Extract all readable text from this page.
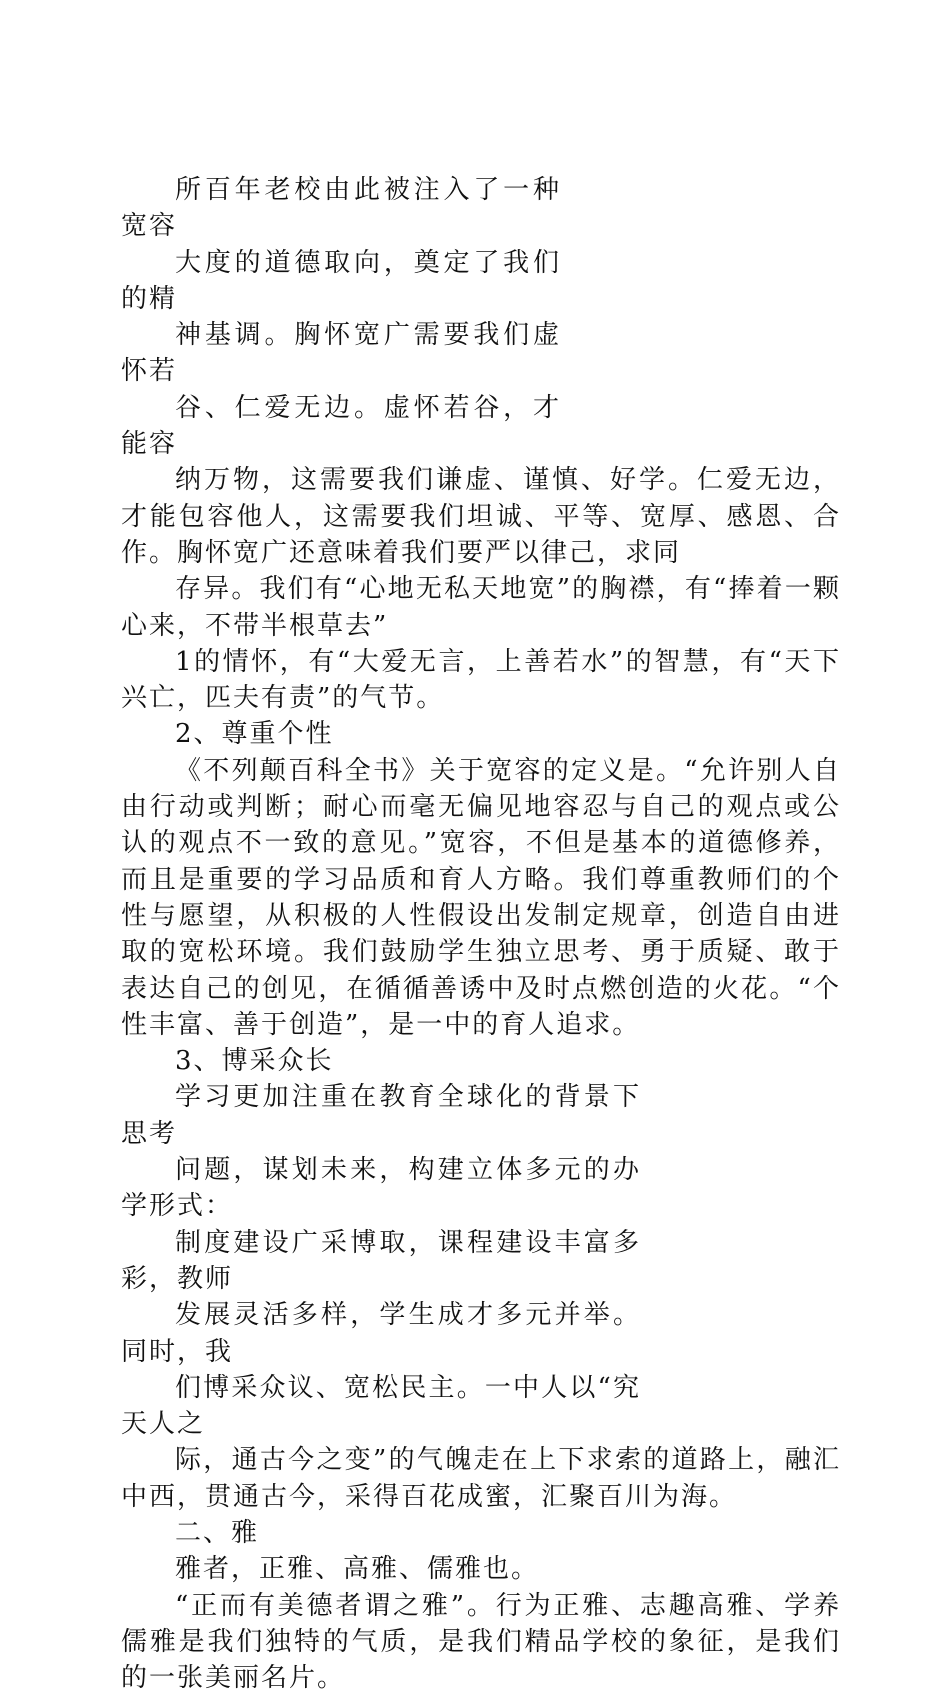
所百年老校由此被注入了一种宽容

大度的道德取向，奠定了我们的精

神基调。胸怀宽广需要我们虚怀若

谷、仁爱无边。虚怀若谷，才能容

纳万物，这需要我们谦虚、谨慎、好学。仁爱无边，才能包容他人，这需要我们坦诚、平等、宽厚、感恩、合作。胸怀宽广还意味着我们要严以律己，求同

存异。我们有“心地无私天地宽”的胸襟，有“捧着一颗心来，不带半根草去”

1的情怀，有“大爱无言，上善若水”的智慧，有“天下兴亡，匹夫有责”的气节。

2、尊重个性

《不列颠百科全书》关于宽容的定义是。“允许别人自由行动或判断；耐心而毫无偏见地容忍与自己的观点或公认的观点不一致的意见。”宽容，不但是基本的道德修养，而且是重要的学习品质和育人方略。我们尊重教师们的个性与愿望，从积极的人性假设出发制定规章，创造自由进取的宽松环境。我们鼓励学生独立思考、勇于质疑、敢于表达自己的创见，在循循善诱中及时点燃创造的火花。“个性丰富、善于创造”，是一中的育人追求。

3、博采众长

学习更加注重在教育全球化的背景下思考

问题，谋划未来，构建立体多元的办学形式：

制度建设广采博取，课程建设丰富多彩，教师

发展灵活多样，学生成才多元并举。同时，我

们博采众议、宽松民主。一中人以“究天人之

际，通古今之变”的气魄走在上下求索的道路上，融汇中西，贯通古今，采得百花成蜜，汇聚百川为海。

二、雅

雅者，正雅、高雅、儒雅也。

“正而有美德者谓之雅”。行为正雅、志趣高雅、学养儒雅是我们独特的气质，是我们精品学校的象征，是我们的一张美丽名片。
